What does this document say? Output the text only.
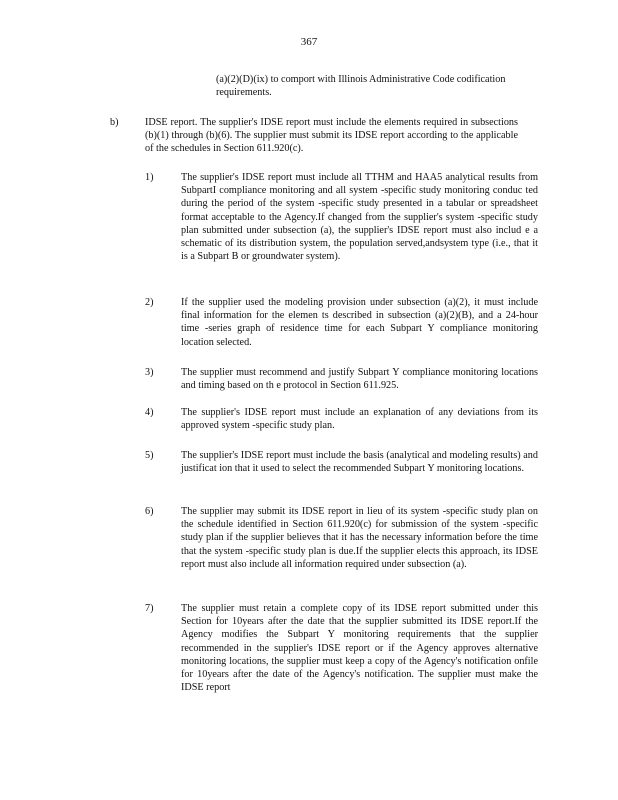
367
(a)(2)(D)(ix) to comport with Illinois Administrative Code codification requirements.
b)	IDSE report. The supplier's IDSE report must include the elements required in subsections (b)(1) through (b)(6). The supplier must submit its IDSE report according to the applicable of the schedules in Section 611.920(c).
1)	The supplier's IDSE report must include all TTHM and HAA5 analytical results from SubpartI compliance monitoring and all system -specific study monitoring conduc ted during the period of the system -specific study presented in a tabular or spreadsheet format acceptable to the Agency.If changed from the supplier's system -specific study plan submitted under subsection (a), the supplier's IDSE report must also includ e a schematic of its distribution system, the population served,andsystem type (i.e., that it is a Subpart B or groundwater system).
2)	If the supplier used the modeling provision under subsection (a)(2), it must include final information for the elemen ts described in subsection (a)(2)(B), and a 24-hour time -series graph of residence time for each Subpart Y compliance monitoring location selected.
3)	The supplier must recommend and justify Subpart Y compliance monitoring locations and timing based on th e protocol in Section 611.925.
4)	The supplier's IDSE report must include an explanation of any deviations from its approved system -specific study plan.
5)	The supplier's IDSE report must include the basis (analytical and modeling results) and justificat ion that it used to select the recommended Subpart Y monitoring locations.
6)	The supplier may submit its IDSE report in lieu of its system -specific study plan on the schedule identified in Section 611.920(c) for submission of the system -specific study plan if the supplier believes that it has the necessary information before the time that the system -specific study plan is due.If the supplier elects this approach, its IDSE report must also include all information required under subsection (a).
7)	The supplier must retain a complete copy of its IDSE report submitted under this Section for 10years after the date that the supplier submitted its IDSE report.If the Agency modifies the Subpart Y monitoring requirements that the supplier recommended in the supplier's IDSE report or if the Agency approves alternative monitoring locations, the supplier must keep a copy of the Agency's notification onfile for 10years after the date of the Agency's notification. The supplier must make the IDSE report
